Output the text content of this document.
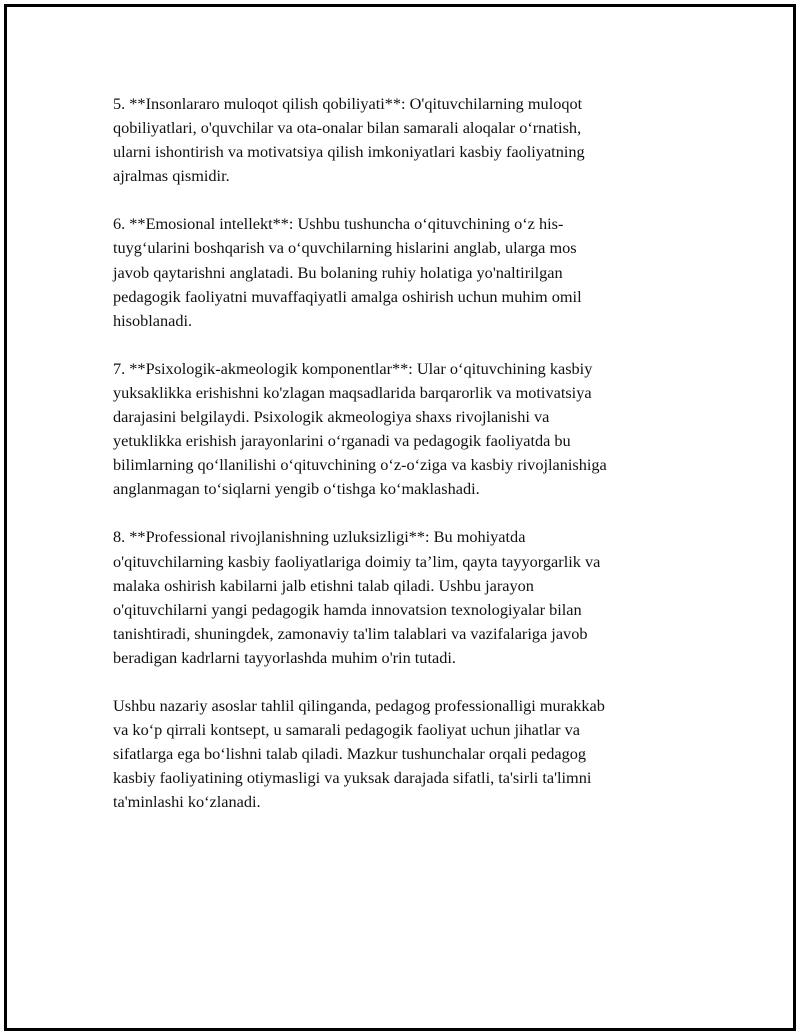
5. **Insonlararo muloqot qilish qobiliyati**: O'qituvchilarning muloqot
qobiliyatlari, o'quvchilar va ota-onalar bilan samarali aloqalar o‘rnatish,
ularni ishontirish va motivatsiya qilish imkoniyatlari kasbiy faoliyatning
ajralmas qismidir.

6. **Emosional intellekt**: Ushbu tushuncha o‘qituvchining o‘z his-
tuyg‘ularini boshqarish va o‘quvchilarning hislarini anglab, ularga mos
javob qaytarishni anglatadi. Bu bolaning ruhiy holatiga yo'naltirilgan
pedagogik faoliyatni muvaffaqiyatli amalga oshirish uchun muhim omil
hisoblanadi.

7. **Psixologik-akmeologik komponentlar**: Ular o‘qituvchining kasbiy
yuksaklikka erishishni ko'zlagan maqsadlarida barqarorlik va motivatsiya
darajasini belgilaydi. Psixologik akmeologiya shaxs rivojlanishi va
yetuklikka erishish jarayonlarini o‘rganadi va pedagogik faoliyatda bu
bilimlarning qo‘llanilishi o‘qituvchining o‘z-o‘ziga va kasbiy rivojlanishiga
anglanmagan to‘siqlarni yengib o‘tishga ko‘maklashadi.

8. **Professional rivojlanishning uzluksizligi**: Bu mohiyatda
o'qituvchilarning kasbiy faoliyatlariga doimiy ta’lim, qayta tayyorgarlik va
malaka oshirish kabilarni jalb etishni talab qiladi. Ushbu jarayon
o'qituvchilarni yangi pedagogik hamda innovatsion texnologiyalar bilan
tanishtiradi, shuningdek, zamonaviy ta'lim talablari va vazifalariga javob
beradigan kadrlarni tayyorlashda muhim o'rin tutadi.

Ushbu nazariy asoslar tahlil qilinganda, pedagog professionalligi murakkab
va ko‘p qirrali kontsept, u samarali pedagogik faoliyat uchun jihatlar va
sifatlarga ega bo‘lishni talab qiladi. Mazkur tushunchalar orqali pedagog
kasbiy faoliyatining otiymasligi va yuksak darajada sifatli, ta'sirli ta'limni
ta'minlashi ko‘zlanadi.
